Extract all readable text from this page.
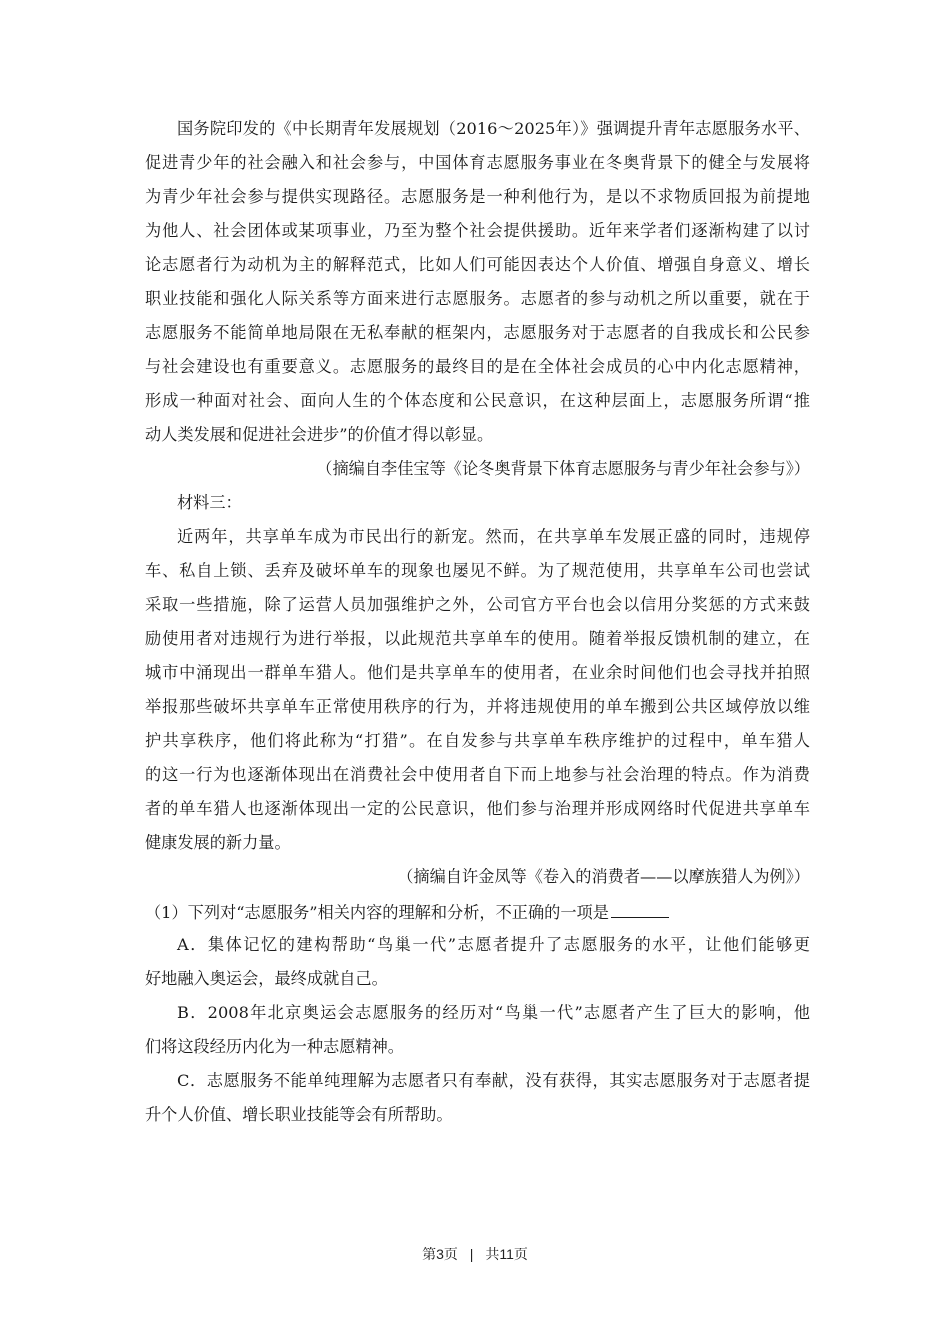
国务院印发的《中长期青年发展规划（2016～2025年）》强调提升青年志愿服务水平、
促进青少年的社会融入和社会参与，中国体育志愿服务事业在冬奥背景下的健全与发展将
为青少年社会参与提供实现路径。志愿服务是一种利他行为，是以不求物质回报为前提地
为他人、社会团体或某项事业，乃至为整个社会提供援助。近年来学者们逐渐构建了以讨
论志愿者行为动机为主的解释范式，比如人们可能因表达个人价值、增强自身意义、增长
职业技能和强化人际关系等方面来进行志愿服务。志愿者的参与动机之所以重要，就在于
志愿服务不能简单地局限在无私奉献的框架内，志愿服务对于志愿者的自我成长和公民参
与社会建设也有重要意义。志愿服务的最终目的是在全体社会成员的心中内化志愿精神，
形成一种面对社会、面向人生的个体态度和公民意识，在这种层面上，志愿服务所谓“推
动人类发展和促进社会进步”的价值才得以彰显。
（摘编自李佳宝等《论冬奥背景下体育志愿服务与青少年社会参与》）
材料三：
近两年，共享单车成为市民出行的新宠。然而，在共享单车发展正盛的同时，违规停
车、私自上锁、丢弃及破坏单车的现象也屡见不鲜。为了规范使用，共享单车公司也尝试
采取一些措施，除了运营人员加强维护之外，公司官方平台也会以信用分奖惩的方式来鼓
励使用者对违规行为进行举报，以此规范共享单车的使用。随着举报反馈机制的建立，在
城市中涌现出一群单车猎人。他们是共享单车的使用者，在业余时间他们也会寻找并拍照
举报那些破坏共享单车正常使用秩序的行为，并将违规使用的单车搬到公共区域停放以维
护共享秩序，他们将此称为“打猎”。在自发参与共享单车秩序维护的过程中，单车猎人
的这一行为也逐渐体现出在消费社会中使用者自下而上地参与社会治理的特点。作为消费
者的单车猎人也逐渐体现出一定的公民意识，他们参与治理并形成网络时代促进共享单车
健康发展的新力量。
（摘编自许金凤等《卷入的消费者——以摩族猎人为例》）
（1）下列对“志愿服务”相关内容的理解和分析，不正确的一项是
A．集体记忆的建构帮助“鸟巢一代”志愿者提升了志愿服务的水平，让他们能够更
好地融入奥运会，最终成就自己。
B．2008年北京奥运会志愿服务的经历对“鸟巢一代”志愿者产生了巨大的影响，他
们将这段经历内化为一种志愿精神。
C．志愿服务不能单纯理解为志愿者只有奉献，没有获得，其实志愿服务对于志愿者提
升个人价值、增长职业技能等会有所帮助。
第3页 | 共11页
